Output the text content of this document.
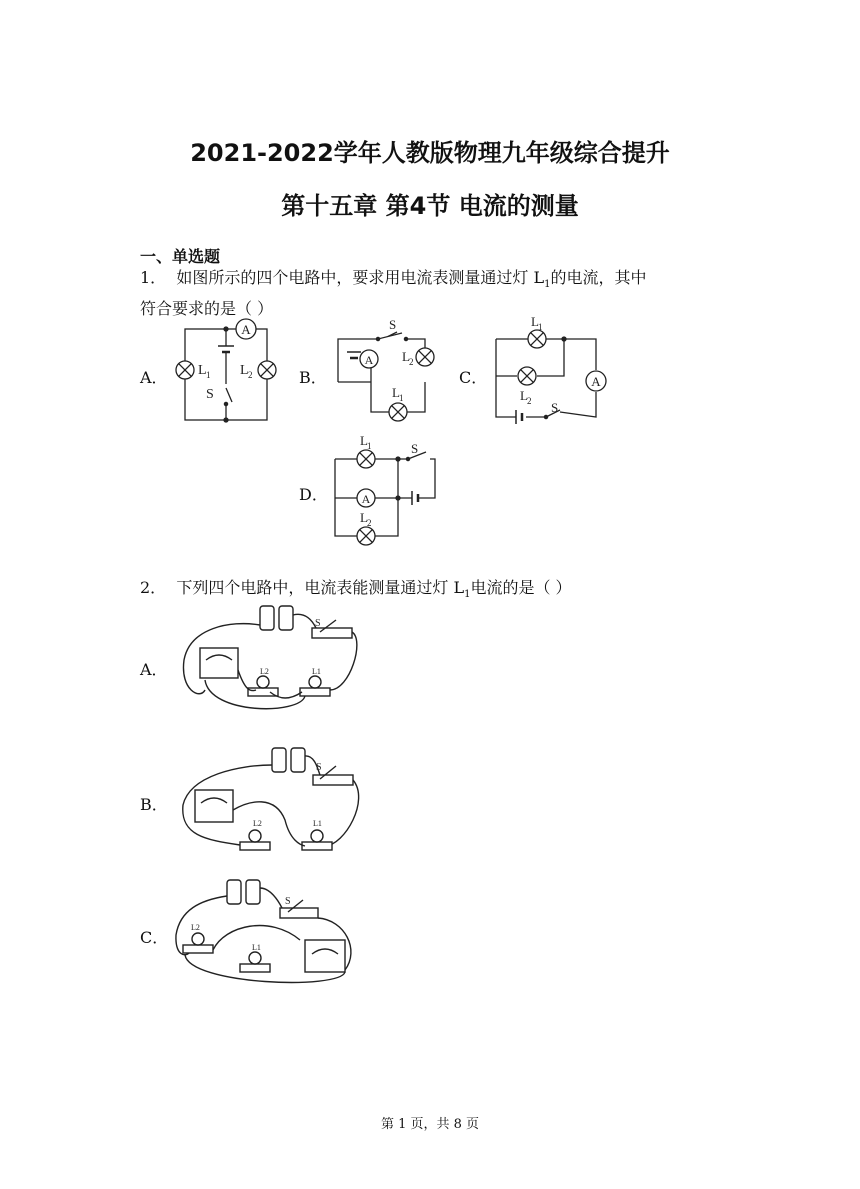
2021-2022学年人教版物理九年级综合提升
第十五章 第4节 电流的测量
一、单选题
1． 如图所示的四个电路中，要求用电流表测量通过灯 $L_1$的电流，其中
符合要求的是（ ）
A．	B．	C．
D．
A
L 1 L 2
S
S
L 2
L 1
A
A
L 1
L 2 S
A
L 1	S
L 2
2． 下列四个电路中，电流表能测量通过灯 $L_1$电流的是（ ）
A．
B．
C．
S
L2	L1
S
L2	L1
S
L2
L1
第 1 页，共 8 页
